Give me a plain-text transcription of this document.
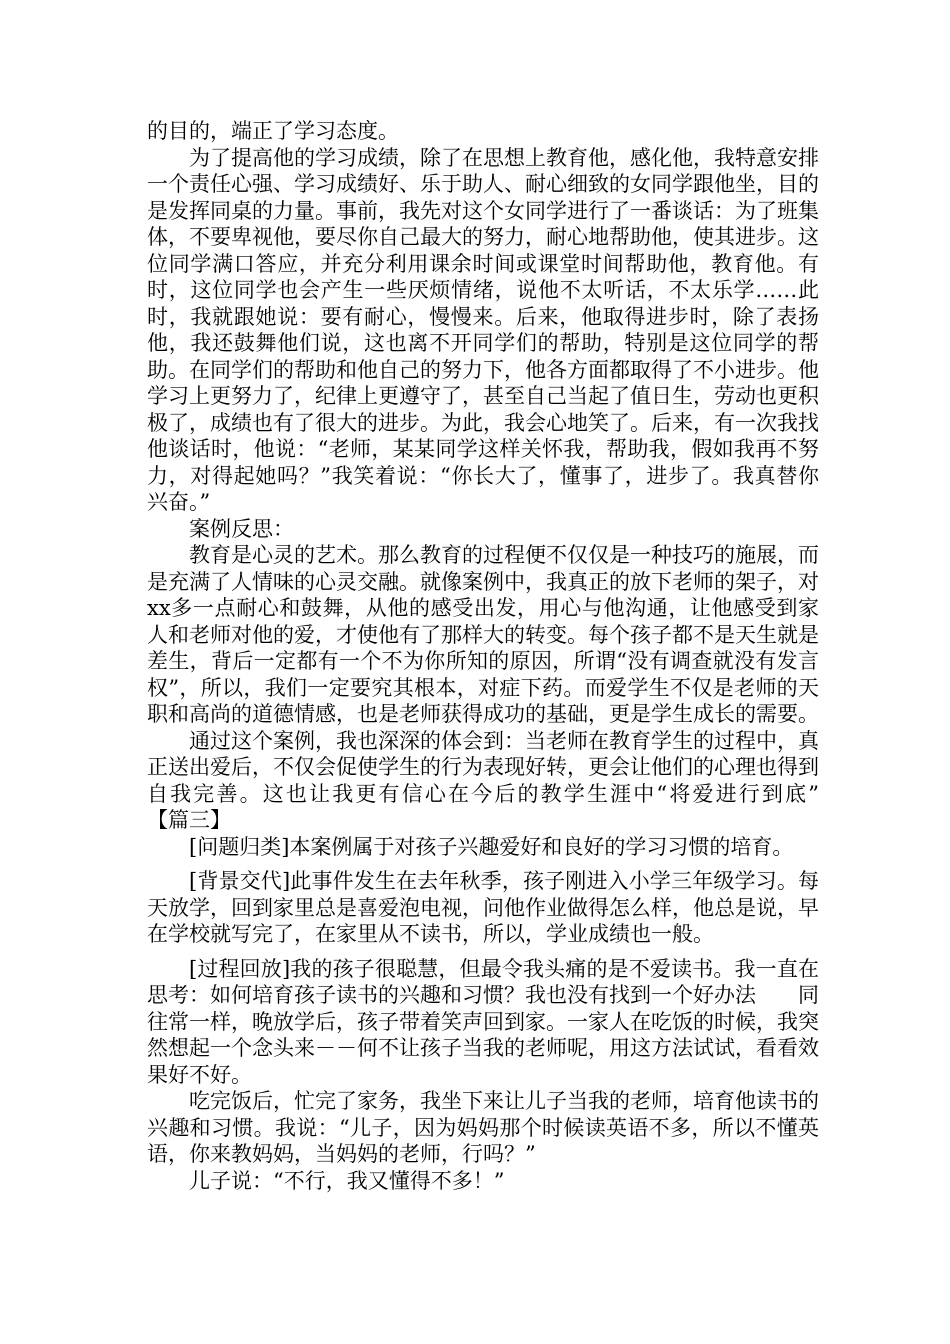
的目的，端正了学习态度。

为了提高他的学习成绩，除了在思想上教育他，感化他，我特意安排一个责任心强、学习成绩好、乐于助人、耐心细致的女同学跟他坐，目的是发挥同桌的力量。事前，我先对这个女同学进行了一番谈话：为了班集体，不要卑视他，要尽你自己最大的努力，耐心地帮助他，使其进步。这位同学满口答应，并充分利用课余时间或课堂时间帮助他，教育他。有时，这位同学也会产生一些厌烦情绪，说他不太听话，不太乐学……此时，我就跟她说：要有耐心，慢慢来。后来，他取得进步时，除了表扬他，我还鼓舞他们说，这也离不开同学们的帮助，特别是这位同学的帮助。在同学们的帮助和他自己的努力下，他各方面都取得了不小进步。他学习上更努力了，纪律上更遵守了，甚至自己当起了值日生，劳动也更积极了，成绩也有了很大的进步。为此，我会心地笑了。后来，有一次我找他谈话时，他说：“老师，某某同学这样关怀我，帮助我，假如我再不努力，对得起她吗？”我笑着说：“你长大了，懂事了，进步了。我真替你兴奋。”

案例反思：

教育是心灵的艺术。那么教育的过程便不仅仅是一种技巧的施展，而是充满了人情味的心灵交融。就像案例中，我真正的放下老师的架子，对xx多一点耐心和鼓舞，从他的感受出发，用心与他沟通，让他感受到家人和老师对他的爱，才使他有了那样大的转变。每个孩子都不是天生就是差生，背后一定都有一个不为你所知的原因，所谓“没有调查就没有发言权”，所以，我们一定要究其根本，对症下药。而爱学生不仅是老师的天职和高尚的道德情感，也是老师获得成功的基础，更是学生成长的需要。

通过这个案例，我也深深的体会到：当老师在教育学生的过程中，真正送出爱后，不仅会促使学生的行为表现好转，更会让他们的心理也得到自我完善。这也让我更有信心在今后的教学生涯中“将爱进行到底”　　【篇三】

[问题归类]本案例属于对孩子兴趣爱好和良好的学习习惯的培育。

[背景交代]此事件发生在去年秋季，孩子刚进入小学三年级学习。每天放学，回到家里总是喜爱泡电视，问他作业做得怎么样，他总是说，早在学校就写完了，在家里从不读书，所以，学业成绩也一般。

[过程回放]我的孩子很聪慧，但最令我头痛的是不爱读书。我一直在思考：如何培育孩子读书的兴趣和习惯？我也没有找到一个好办法　　同往常一样，晚放学后，孩子带着笑声回到家。一家人在吃饭的时候，我突然想起一个念头来－－何不让孩子当我的老师呢，用这方法试试，看看效果好不好。

吃完饭后，忙完了家务，我坐下来让儿子当我的老师，培育他读书的兴趣和习惯。我说：“儿子，因为妈妈那个时候读英语不多，所以不懂英语，你来教妈妈，当妈妈的老师，行吗？”

儿子说：“不行，我又懂得不多！”
